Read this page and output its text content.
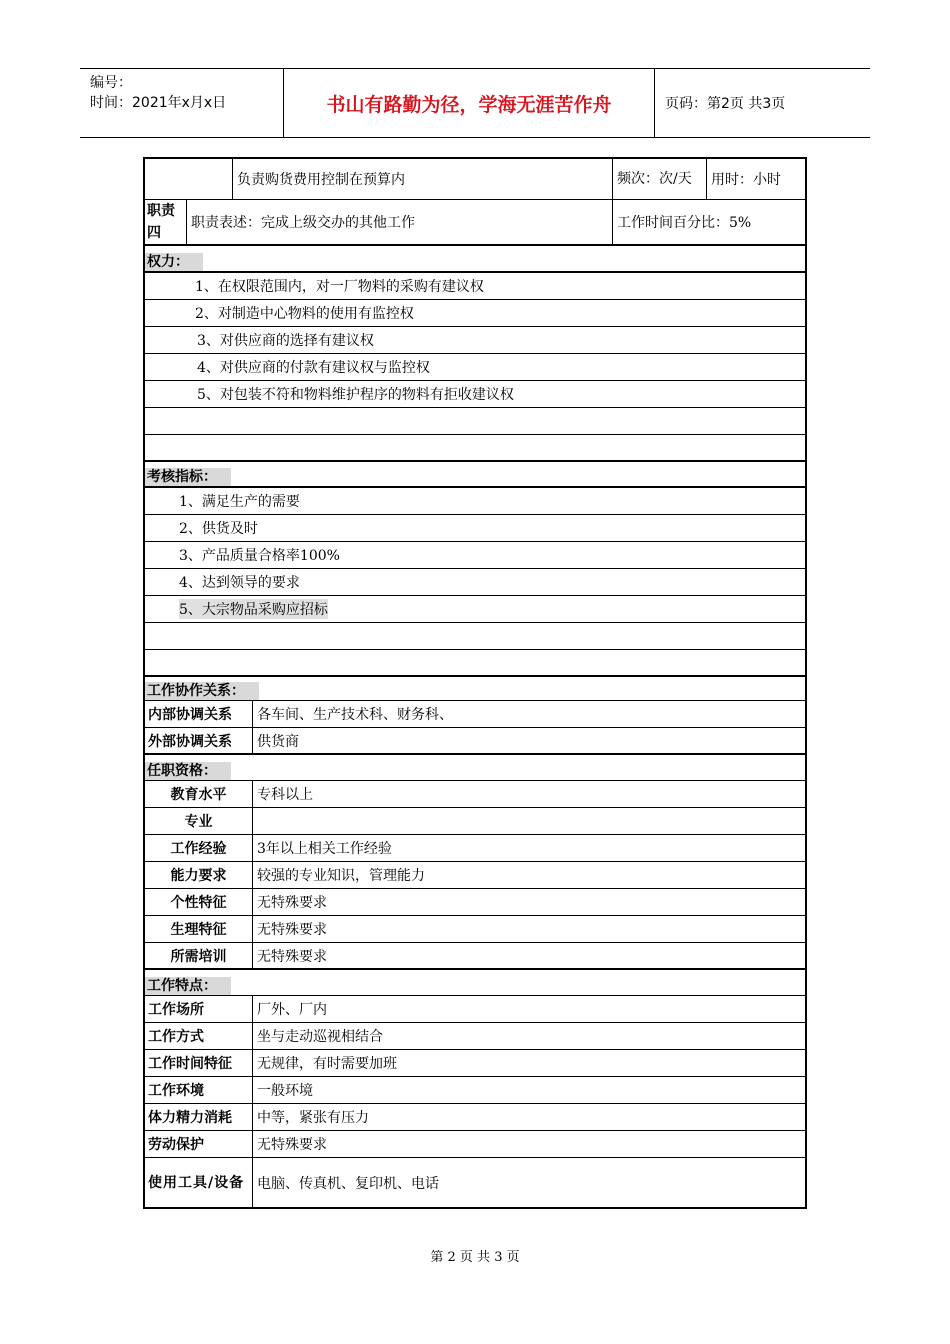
编号：
时间：2021年x月x日	书山有路勤为径，学海无涯苦作舟	页码：第2页 共3页
负责购货费用控制在预算内	频次：次/天	用时：小时
职责四
职责表述：完成上级交办的其他工作	工作时间百分比：5%
权力：
1、在权限范围内，对一厂物料的采购有建议权
2、对制造中心物料的使用有监控权
3、对供应商的选择有建议权
4、对供应商的付款有建议权与监控权
5、对包装不符和物料维护程序的物料有拒收建议权
考核指标：
1、满足生产的需要
2、供货及时
3、产品质量合格率100%
4、达到领导的要求
5、大宗物品采购应招标
工作协作关系：
内部协调关系	各车间、生产技术科、财务科、
外部协调关系	供货商
任职资格：
教育水平	专科以上
专业
工作经验	3年以上相关工作经验
能力要求	较强的专业知识，管理能力
个性特征	无特殊要求
生理特征	无特殊要求
所需培训	无特殊要求
工作特点：
工作场所	厂外、厂内
工作方式	坐与走动巡视相结合
工作时间特征	无规律，有时需要加班
工作环境	一般环境
体力精力消耗	中等，紧张有压力
劳动保护	无特殊要求
使用工具/设备 电脑、传真机、复印机、电话
第 2 页 共 3 页
